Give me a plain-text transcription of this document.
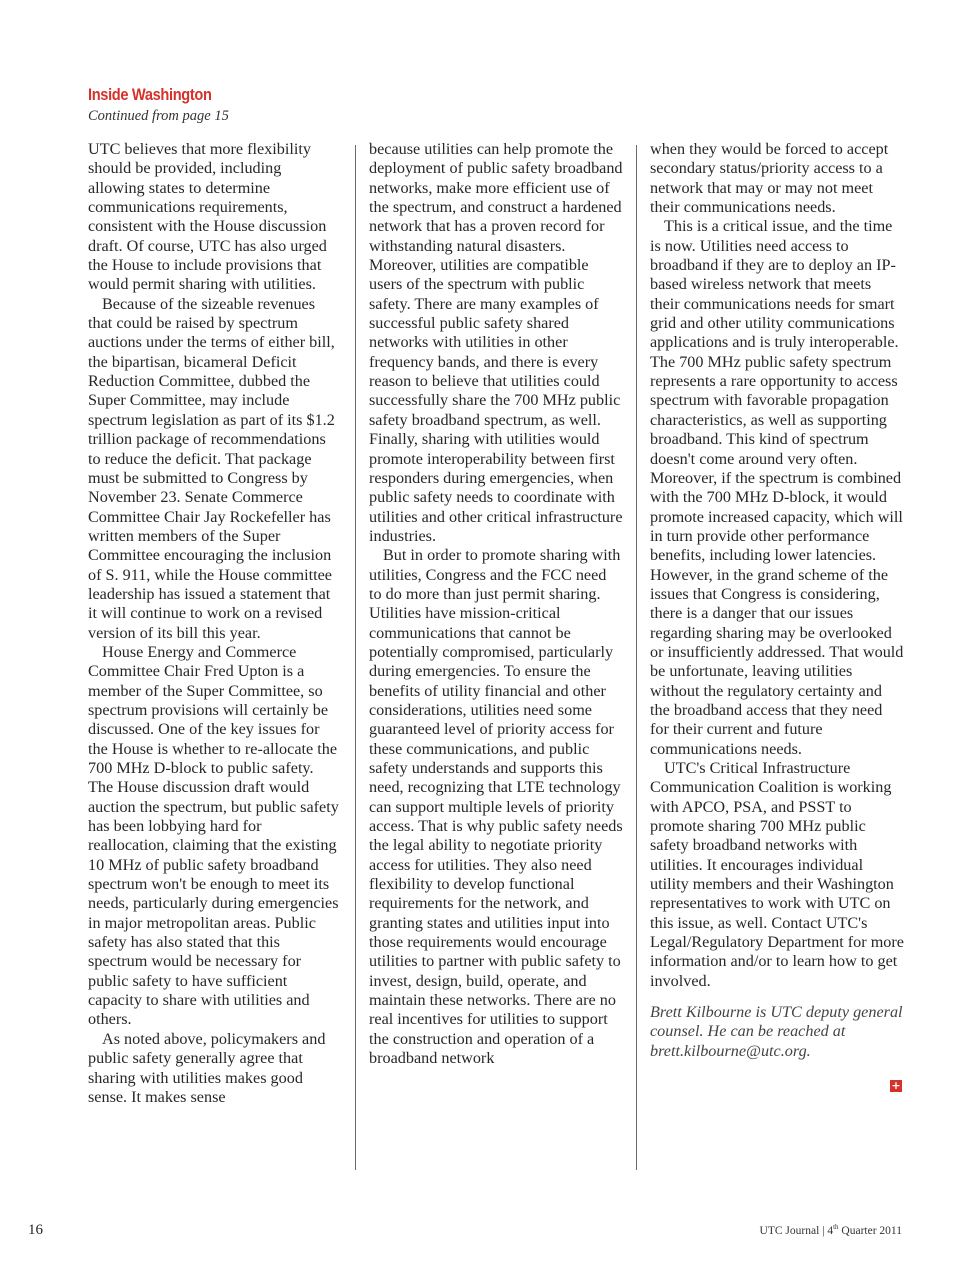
Inside Washington
Continued from page 15

UTC believes that more flexibility should be provided, including allowing states to determine communications requirements, consistent with the House discussion draft. Of course, UTC has also urged the House to include provisions that would permit sharing with utilities.

Because of the sizeable revenues that could be raised by spectrum auctions under the terms of either bill, the bipartisan, bicameral Deficit Reduction Committee, dubbed the Super Committee, may include spectrum legislation as part of its $1.2 trillion package of recommendations to reduce the deficit. That package must be submitted to Congress by November 23. Senate Commerce Committee Chair Jay Rockefeller has written members of the Super Committee encouraging the inclusion of S. 911, while the House committee leadership has issued a statement that it will continue to work on a revised version of its bill this year.

House Energy and Commerce Committee Chair Fred Upton is a member of the Super Committee, so spectrum provisions will certainly be discussed. One of the key issues for the House is whether to re-allocate the 700 MHz D-block to public safety. The House discussion draft would auction the spectrum, but public safety has been lobbying hard for reallocation, claiming that the existing 10 MHz of public safety broadband spectrum won't be enough to meet its needs, particularly during emergencies in major metropolitan areas. Public safety has also stated that this spectrum would be necessary for public safety to have sufficient capacity to share with utilities and others.

As noted above, policymakers and public safety generally agree that sharing with utilities makes good sense. It makes sense

because utilities can help promote the deployment of public safety broadband networks, make more efficient use of the spectrum, and construct a hardened network that has a proven record for withstanding natural disasters. Moreover, utilities are compatible users of the spectrum with public safety. There are many examples of successful public safety shared networks with utilities in other frequency bands, and there is every reason to believe that utilities could successfully share the 700 MHz public safety broadband spectrum, as well. Finally, sharing with utilities would promote interoperability between first responders during emergencies, when public safety needs to coordinate with utilities and other critical infrastructure industries.

But in order to promote sharing with utilities, Congress and the FCC need to do more than just permit sharing. Utilities have mission-critical communications that cannot be potentially compromised, particularly during emergencies. To ensure the benefits of utility financial and other considerations, utilities need some guaranteed level of priority access for these communications, and public safety understands and supports this need, recognizing that LTE technology can support multiple levels of priority access. That is why public safety needs the legal ability to negotiate priority access for utilities. They also need flexibility to develop functional requirements for the network, and granting states and utilities input into those requirements would encourage utilities to partner with public safety to invest, design, build, operate, and maintain these networks. There are no real incentives for utilities to support the construction and operation of a broadband network

when they would be forced to accept secondary status/priority access to a network that may or may not meet their communications needs.

This is a critical issue, and the time is now. Utilities need access to broadband if they are to deploy an IP-based wireless network that meets their communications needs for smart grid and other utility communications applications and is truly interoperable. The 700 MHz public safety spectrum represents a rare opportunity to access spectrum with favorable propagation characteristics, as well as supporting broadband. This kind of spectrum doesn't come around very often. Moreover, if the spectrum is combined with the 700 MHz D-block, it would promote increased capacity, which will in turn provide other performance benefits, including lower latencies. However, in the grand scheme of the issues that Congress is considering, there is a danger that our issues regarding sharing may be overlooked or insufficiently addressed. That would be unfortunate, leaving utilities without the regulatory certainty and the broadband access that they need for their current and future communications needs.

UTC's Critical Infrastructure Communication Coalition is working with APCO, PSA, and PSST to promote sharing 700 MHz public safety broadband networks with utilities. It encourages individual utility members and their Washington representatives to work with UTC on this issue, as well. Contact UTC's Legal/Regulatory Department for more information and/or to learn how to get involved.

Brett Kilbourne is UTC deputy general counsel. He can be reached at brett.kilbourne@utc.org.

+
16	UTC Journal | 4th Quarter 2011
